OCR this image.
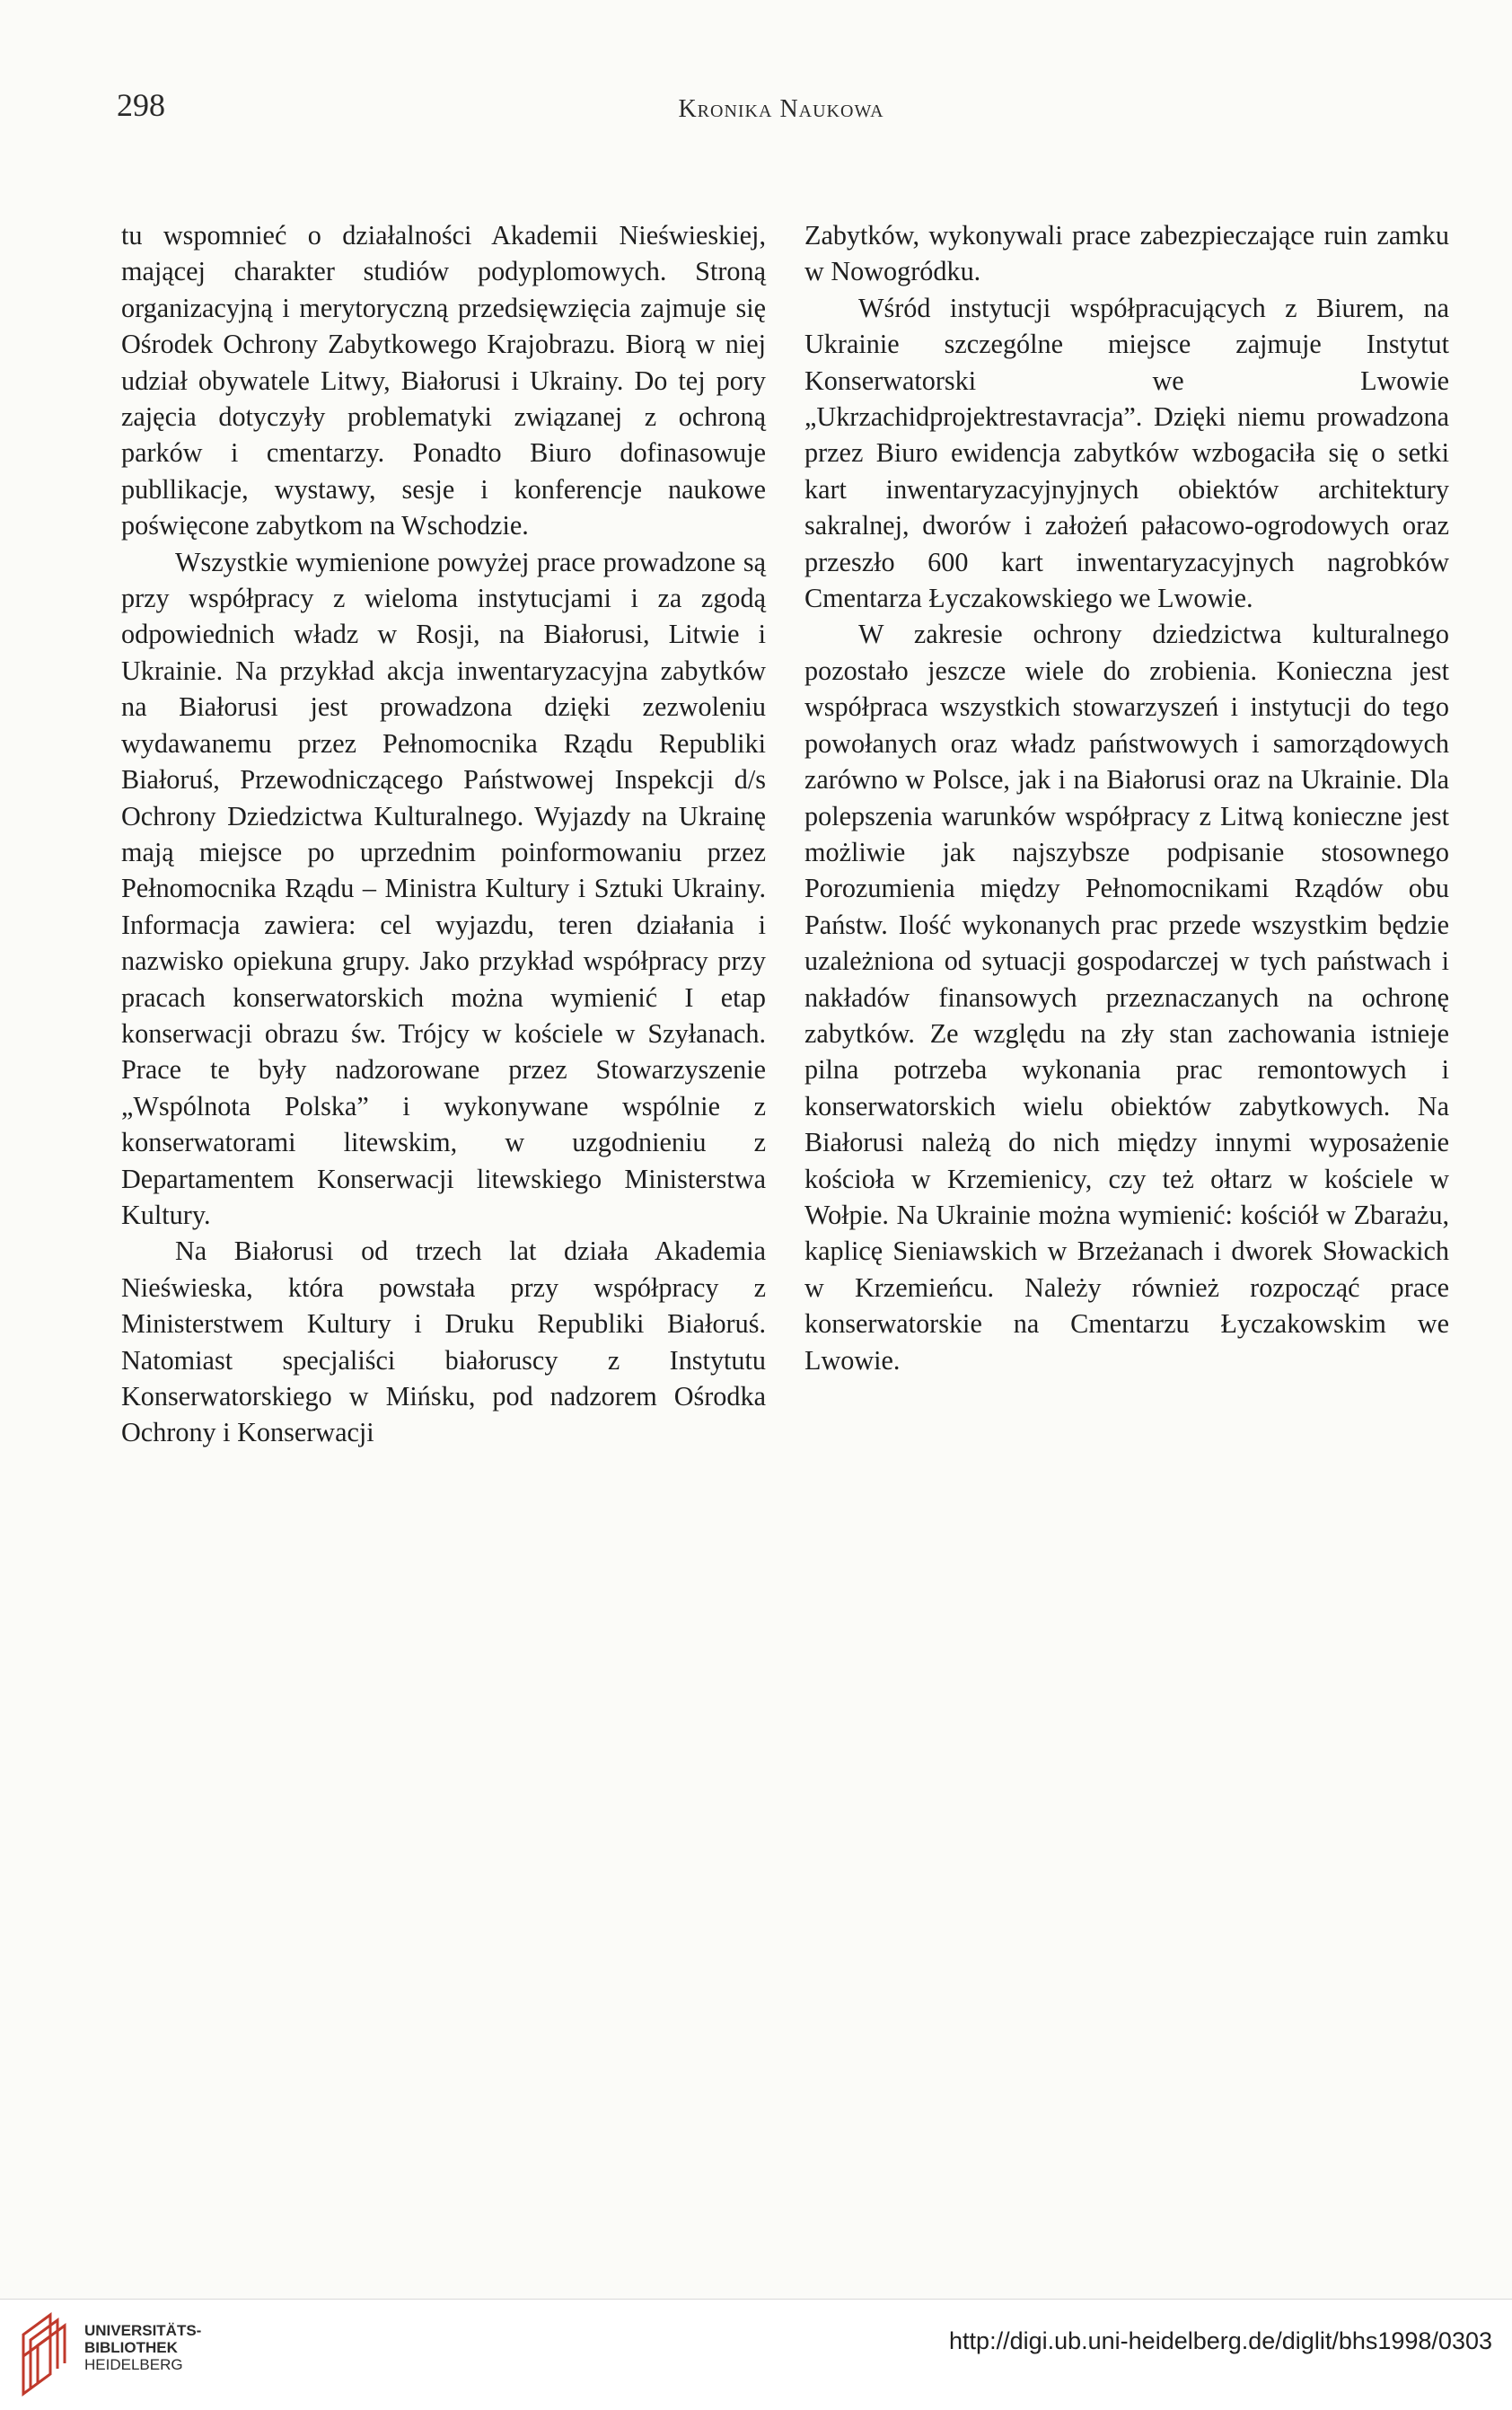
298	Kronika Naukowa

tu wspomnieć o działalności Akademii Nieświeskiej, mającej charakter studiów podyplomowych. Stroną organizacyjną i merytoryczną przedsięwzięcia zajmuje się Ośrodek Ochrony Zabytkowego Krajobrazu. Biorą w niej udział obywatele Litwy, Białorusi i Ukrainy. Do tej pory zajęcia dotyczyły problematyki związanej z ochroną parków i cmentarzy. Ponadto Biuro dofinasowuje publlikacje, wystawy, sesje i konferencje naukowe poświęcone zabytkom na Wschodzie.

Wszystkie wymienione powyżej prace prowadzone są przy współpracy z wieloma instytucjami i za zgodą odpowiednich władz w Rosji, na Białorusi, Litwie i Ukrainie. Na przykład akcja inwentaryzacyjna zabytków na Białorusi jest prowadzona dzięki zezwoleniu wydawanemu przez Pełnomocnika Rządu Republiki Białoruś, Przewodniczącego Państwowej Inspekcji d/s Ochrony Dziedzictwa Kulturalnego. Wyjazdy na Ukrainę mają miejsce po uprzednim poinformowaniu przez Pełnomocnika Rządu – Ministra Kultury i Sztuki Ukrainy. Informacja zawiera: cel wyjazdu, teren działania i nazwisko opiekuna grupy. Jako przykład współpracy przy pracach konserwatorskich można wymienić I etap konserwacji obrazu św. Trójcy w kościele w Szyłanach. Prace te były nadzorowane przez Stowarzyszenie „Wspólnota Polska” i wykonywane wspólnie z konserwatorami litewskim, w uzgodnieniu z Departamentem Konserwacji litewskiego Ministerstwa Kultury.

Na Białorusi od trzech lat działa Akademia Nieświeska, która powstała przy współpracy z Ministerstwem Kultury i Druku Republiki Białoruś. Natomiast specjaliści białoruscy z Instytutu Konserwatorskiego w Mińsku, pod nadzorem Ośrodka Ochrony i Konserwacji

Zabytków, wykonywali prace zabezpieczające ruin zamku w Nowogródku.

Wśród instytucji współpracujących z Biurem, na Ukrainie szczególne miejsce zajmuje Instytut Konserwatorski we Lwowie „Ukrzachidprojektrestavracja”. Dzięki niemu prowadzona przez Biuro ewidencja zabytków wzbogaciła się o setki kart inwentaryzacyjnyjnych obiektów architektury sakralnej, dworów i założeń pałacowo-ogrodowych oraz przeszło 600 kart inwentaryzacyjnych nagrobków Cmentarza Łyczakowskiego we Lwowie.

W zakresie ochrony dziedzictwa kulturalnego pozostało jeszcze wiele do zrobienia. Konieczna jest współpraca wszystkich stowarzyszeń i instytucji do tego powołanych oraz władz państwowych i samorządowych zarówno w Polsce, jak i na Białorusi oraz na Ukrainie. Dla polepszenia warunków współpracy z Litwą konieczne jest możliwie jak najszybsze podpisanie stosownego Porozumienia między Pełnomocnikami Rządów obu Państw. Ilość wykonanych prac przede wszystkim będzie uzależniona od sytuacji gospodarczej w tych państwach i nakładów finansowych przeznaczanych na ochronę zabytków. Ze względu na zły stan zachowania istnieje pilna potrzeba wykonania prac remontowych i konserwatorskich wielu obiektów zabytkowych. Na Białorusi należą do nich między innymi wyposażenie kościoła w Krzemienicy, czy też ołtarz w kościele w Wołpie. Na Ukrainie można wymienić: kościół w Zbarażu, kaplicę Sieniawskich w Brzeżanach i dworek Słowackich w Krzemieńcu. Należy również rozpocząć prace konserwatorskie na Cmentarzu Łyczakowskim we Lwowie.

UNIVERSITÄTS-
BIBLIOTHEK
HEIDELBERG
http://digi.ub.uni-heidelberg.de/diglit/bhs1998/0303
